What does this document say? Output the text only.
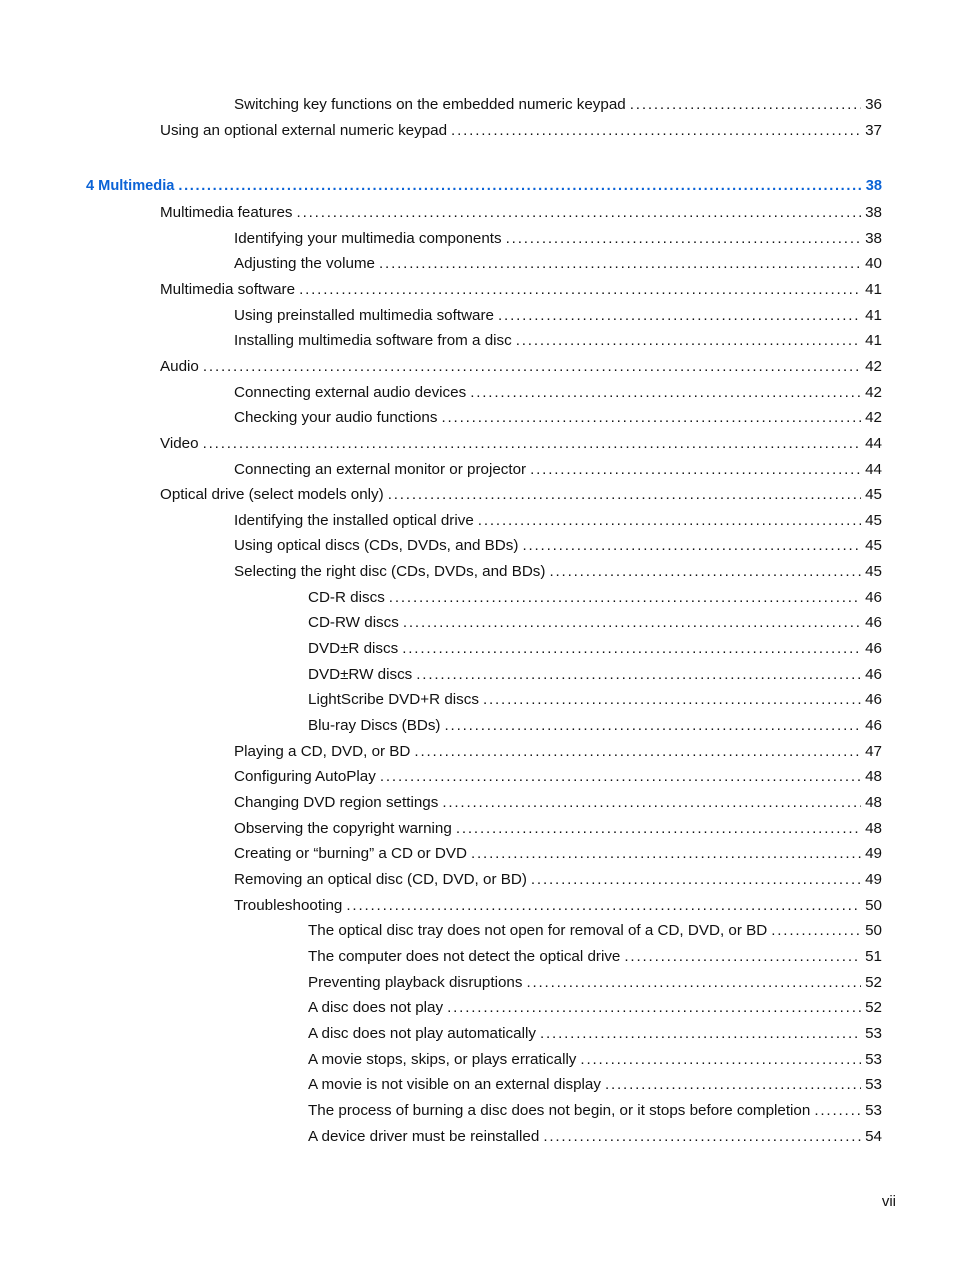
Switching key functions on the embedded numeric keypad . . .	36
Using an optional external numeric keypad . . .	37
4 Multimedia . . .	38
Multimedia features . . .	38
Identifying your multimedia components . . .	38
Adjusting the volume . . .	40
Multimedia software . . .	41
Using preinstalled multimedia software . . .	41
Installing multimedia software from a disc . . .	41
Audio . . .	42
Connecting external audio devices . . .	42
Checking your audio functions . . .	42
Video . . .	44
Connecting an external monitor or projector . . .	44
Optical drive (select models only) . . .	45
Identifying the installed optical drive . . .	45
Using optical discs (CDs, DVDs, and BDs) . . .	45
Selecting the right disc (CDs, DVDs, and BDs) . . .	45
CD-R discs . . .	46
CD-RW discs . . .	46
DVD±R discs . . .	46
DVD±RW discs . . .	46
LightScribe DVD+R discs . . .	46
Blu-ray Discs (BDs) . . .	46
Playing a CD, DVD, or BD . . .	47
Configuring AutoPlay . . .	48
Changing DVD region settings . . .	48
Observing the copyright warning . . .	48
Creating or “burning” a CD or DVD . . .	49
Removing an optical disc (CD, DVD, or BD) . . .	49
Troubleshooting . . .	50
The optical disc tray does not open for removal of a CD, DVD, or BD . . .	50
The computer does not detect the optical drive . . .	51
Preventing playback disruptions . . .	52
A disc does not play . . .	52
A disc does not play automatically . . .	53
A movie stops, skips, or plays erratically . . .	53
A movie is not visible on an external display . . .	53
The process of burning a disc does not begin, or it stops before completion . . .	53
A device driver must be reinstalled . . .	54
vii
